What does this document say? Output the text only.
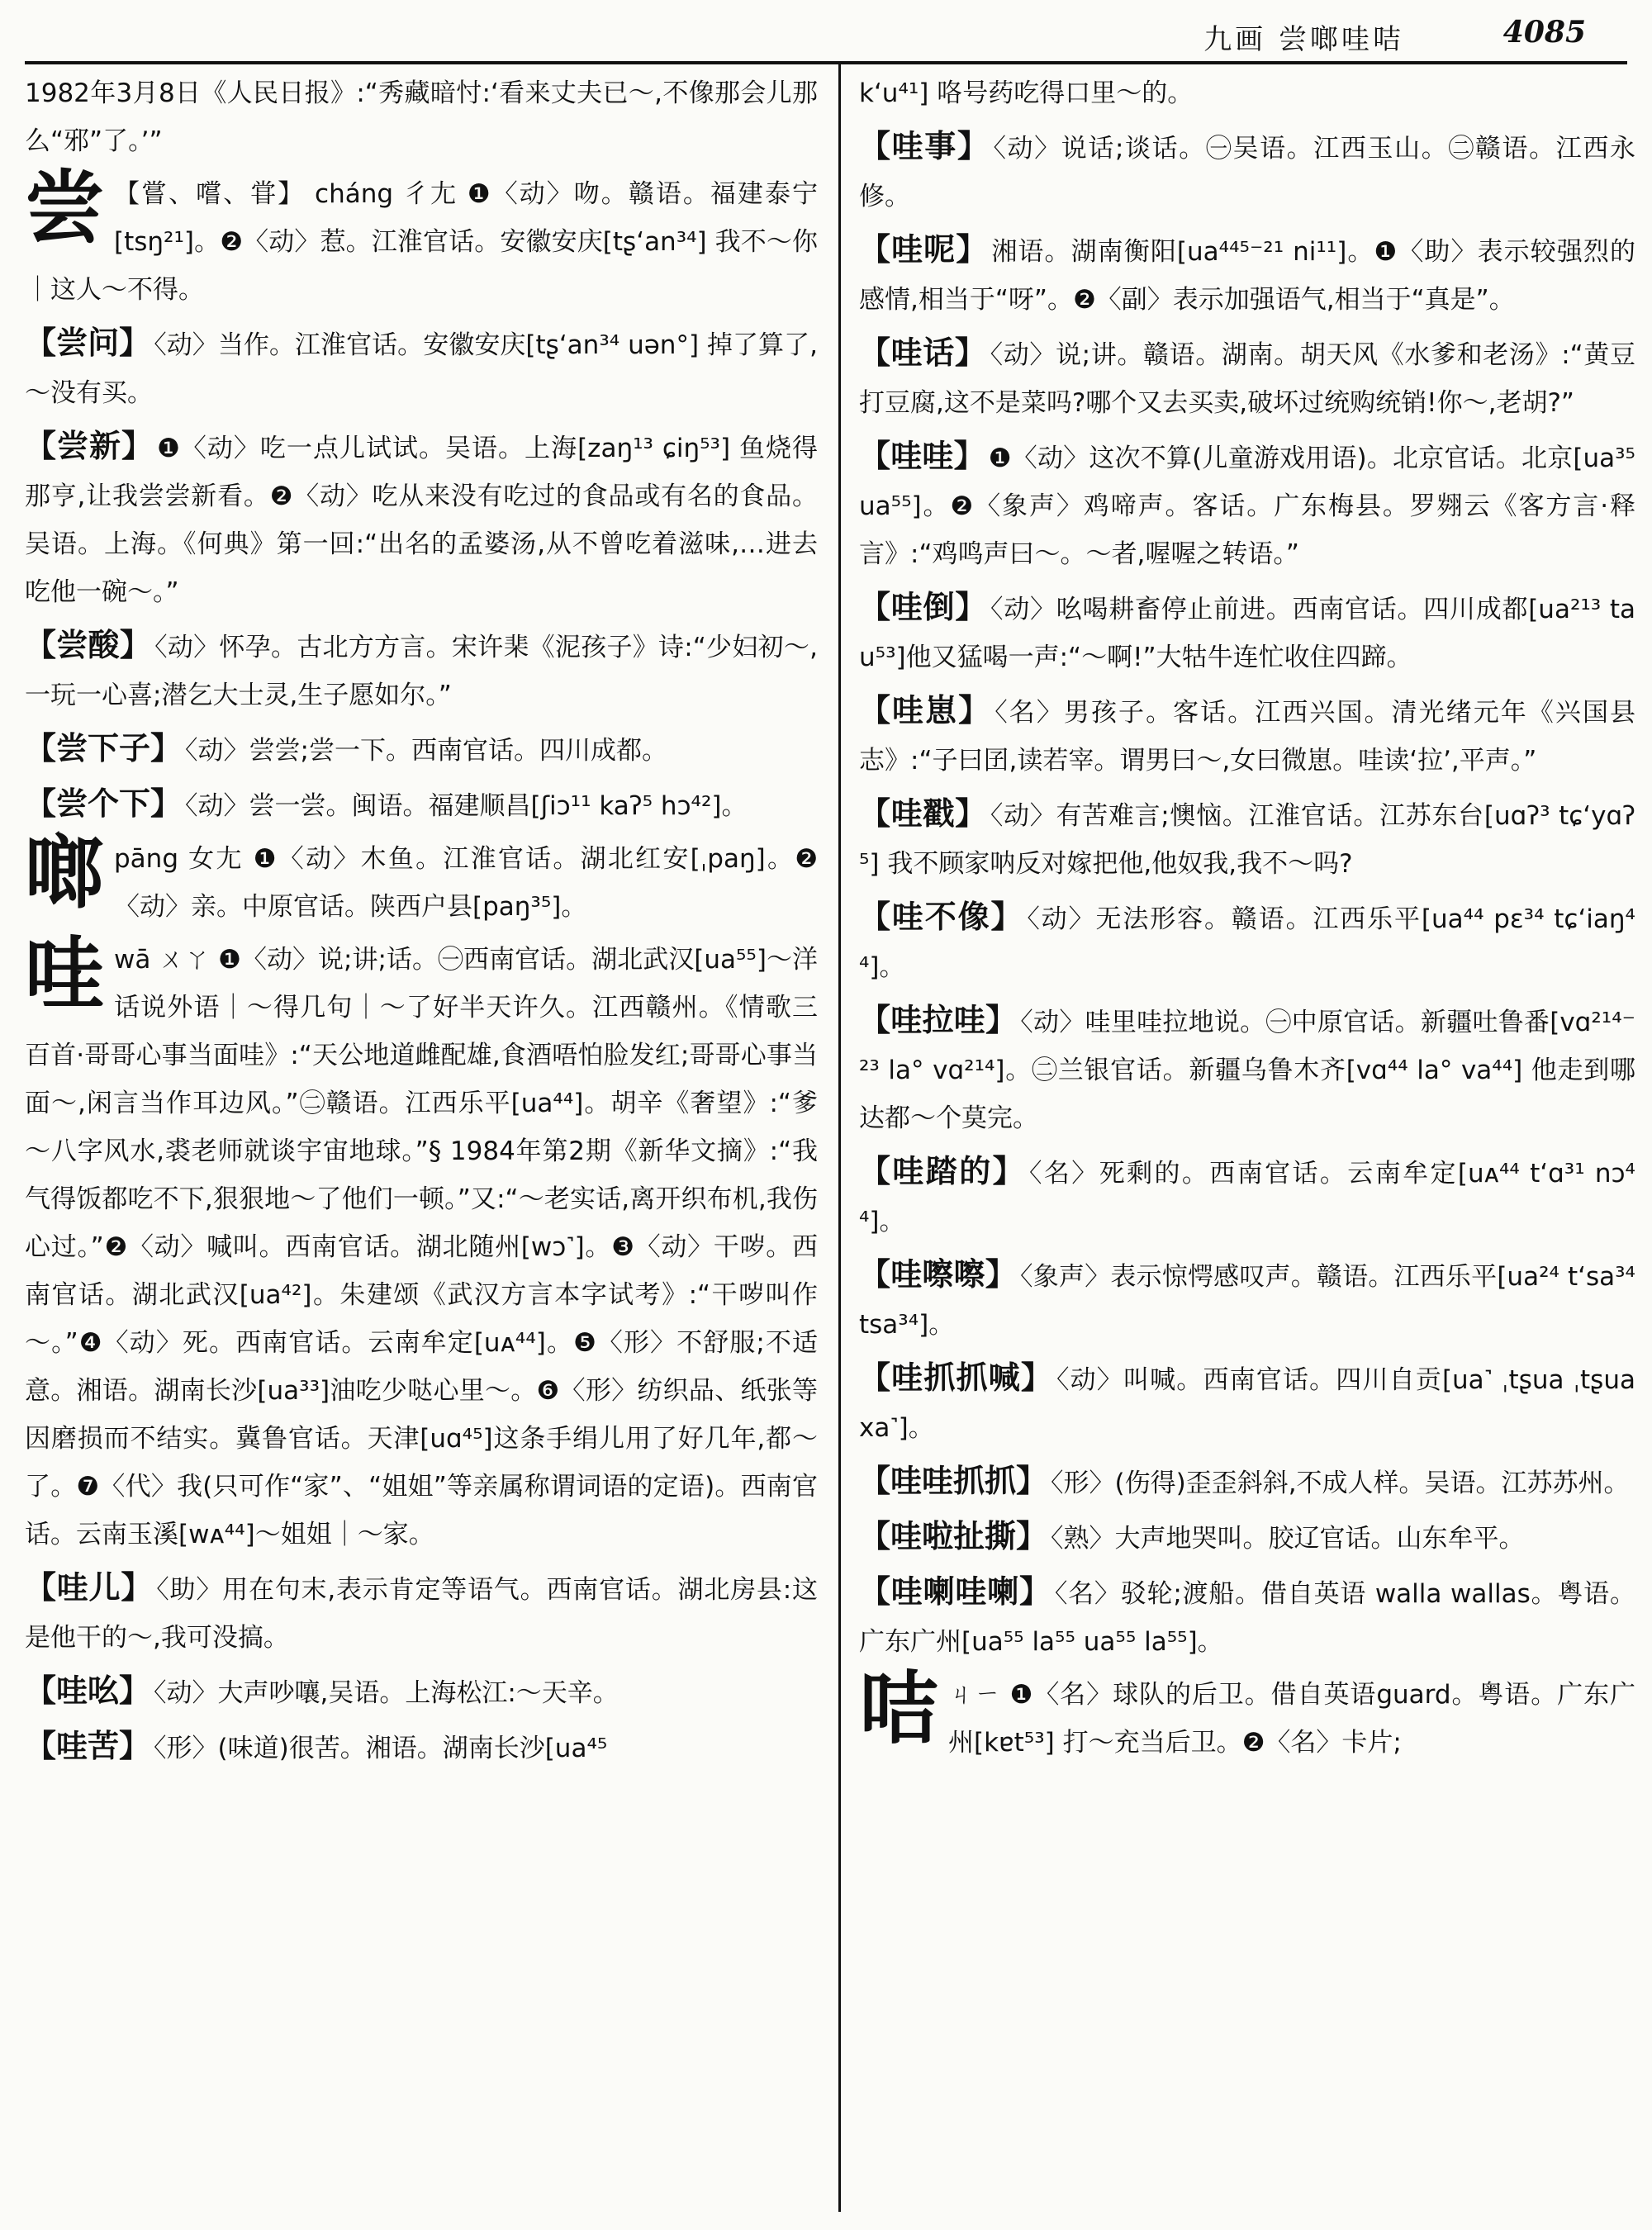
九画 尝啷哇咭	4085
1982年3月8日《人民日报》:“秀藏暗忖:‘看来丈夫已～,不像那会儿那么“邪”了。’”
尝 【嘗、嚐、甞】 cháng 彳尢 ❶〈动〉吻。赣语。福建泰宁[tsŋ²¹]。❷〈动〉惹。江淮官话。安徽安庆[tʂʻan³⁴] 我不～你｜这人～不得。
【尝问】 〈动〉当作。江淮官话。安徽安庆[tʂʻan³⁴ uən°] 掉了算了,～没有买。
【尝新】 ❶〈动〉吃一点儿试试。吴语。上海[zaŋ¹³ ɕiŋ⁵³] 鱼烧得那亨,让我尝尝新看。❷〈动〉吃从来没有吃过的食品或有名的食品。吴语。上海。《何典》第一回:“出名的孟婆汤,从不曾吃着滋味,…进去吃他一碗～。”
【尝酸】 〈动〉怀孕。古北方方言。宋许棐《泥孩子》诗:“少妇初～,一玩一心喜;潜乞大士灵,生子愿如尔。”
【尝下子】 〈动〉尝尝;尝一下。西南官话。四川成都。
【尝个下】 〈动〉尝一尝。闽语。福建顺昌[ʃiɔ¹¹ kaʔ⁵ hɔ⁴²]。
啷 pāng 女尢 ❶〈动〉木鱼。江淮官话。湖北红安[ˌpaŋ]。❷〈动〉亲。中原官话。陕西户县[paŋ³⁵]。
哇 wā ㄨㄚ ❶〈动〉说;讲;话。㊀西南官话。湖北武汉[ua⁵⁵]～洋话说外语｜～得几句｜～了好半天许久。江西赣州。《情歌三百首·哥哥心事当面哇》:“天公地道雌配雄,食酒唔怕脸发红;哥哥心事当面～,闲言当作耳边风。”㊁赣语。江西乐平[ua⁴⁴]。胡辛《奢望》:“爹～八字风水,裘老师就谈宇宙地球。”§ 1984年第2期《新华文摘》:“我气得饭都吃不下,狠狠地～了他们一顿。”又:“～老实话,离开织布机,我伤心过。”❷〈动〉喊叫。西南官话。湖北随州[wɔ˺]。❸〈动〉干哕。西南官话。湖北武汉[ua⁴²]。朱建颂《武汉方言本字试考》:“干哕叫作～。”❹〈动〉死。西南官话。云南牟定[uᴀ⁴⁴]。❺〈形〉不舒服;不适意。湘语。湖南长沙[ua³³]油吃少哒心里～。❻〈形〉纺织品、纸张等因磨损而不结实。冀鲁官话。天津[uɑ⁴⁵]这条手绢儿用了好几年,都～了。❼〈代〉我(只可作“家”、“姐姐”等亲属称谓词语的定语)。西南官话。云南玉溪[wᴀ⁴⁴]～姐姐｜～家。
【哇儿】 〈助〉用在句末,表示肯定等语气。西南官话。湖北房县:这是他干的～,我可没搞。
【哇吆】 〈动〉大声吵嚷,吴语。上海松江:～天辛。
【哇苦】 〈形〉(味道)很苦。湘语。湖南长沙[ua⁴⁵
kʻu⁴¹] 咯号药吃得口里～的。
【哇事】 〈动〉说话;谈话。㊀吴语。江西玉山。㊁赣语。江西永修。
【哇呢】 湘语。湖南衡阳[ua⁴⁴⁵⁻²¹ ni¹¹]。❶〈助〉表示较强烈的感情,相当于“呀”。❷〈副〉表示加强语气,相当于“真是”。
【哇话】 〈动〉说;讲。赣语。湖南。胡天风《水爹和老汤》:“黄豆打豆腐,这不是菜吗?哪个又去买卖,破坏过统购统销!你～,老胡?”
【哇哇】 ❶〈动〉这次不算(儿童游戏用语)。北京官话。北京[ua³⁵ ua⁵⁵]。❷〈象声〉鸡啼声。客话。广东梅县。罗翙云《客方言·释言》:“鸡鸣声曰～。～者,喔喔之转语。”
【哇倒】 〈动〉吆喝耕畜停止前进。西南官话。四川成都[ua²¹³ tau⁵³]他又猛喝一声:“～啊!”大牯牛连忙收住四蹄。
【哇崽】 〈名〉男孩子。客话。江西兴国。清光绪元年《兴国县志》:“子曰囝,读若宰。谓男曰～,女曰微崽。哇读‘拉’,平声。”
【哇戳】 〈动〉有苦难言;懊恼。江淮官话。江苏东台[uɑʔ³ tɕʻyɑʔ⁵] 我不顾家呐反对嫁把他,他奴我,我不～吗?
【哇不像】 〈动〉无法形容。赣语。江西乐平[ua⁴⁴ pɛ³⁴ tɕʻiaŋ⁴⁴]。
【哇拉哇】 〈动〉哇里哇拉地说。㊀中原官话。新疆吐鲁番[vɑ²¹⁴⁻²³ la° vɑ²¹⁴]。㊁兰银官话。新疆乌鲁木齐[vɑ⁴⁴ la° va⁴⁴] 他走到哪达都～个莫完。
【哇踏的】 〈名〉死剩的。西南官话。云南牟定[uᴀ⁴⁴ tʻɑ³¹ nɔ⁴⁴]。
【哇嚓嚓】 〈象声〉表示惊愕感叹声。赣语。江西乐平[ua²⁴ tʻsa³⁴ tsa³⁴]。
【哇抓抓喊】 〈动〉叫喊。西南官话。四川自贡[ua˺ ˌtʂua ˌtʂua xa˺]。
【哇哇抓抓】 〈形〉(伤得)歪歪斜斜,不成人样。吴语。江苏苏州。
【哇啦扯撕】 〈熟〉大声地哭叫。胶辽官话。山东牟平。
【哇喇哇喇】 〈名〉驳轮;渡船。借自英语 walla wallas。粤语。广东广州[ua⁵⁵ la⁵⁵ ua⁵⁵ la⁵⁵]。
咭 ㄐㄧ ❶〈名〉球队的后卫。借自英语guard。粤语。广东广州[kɐt⁵³] 打～充当后卫。❷〈名〉卡片;
